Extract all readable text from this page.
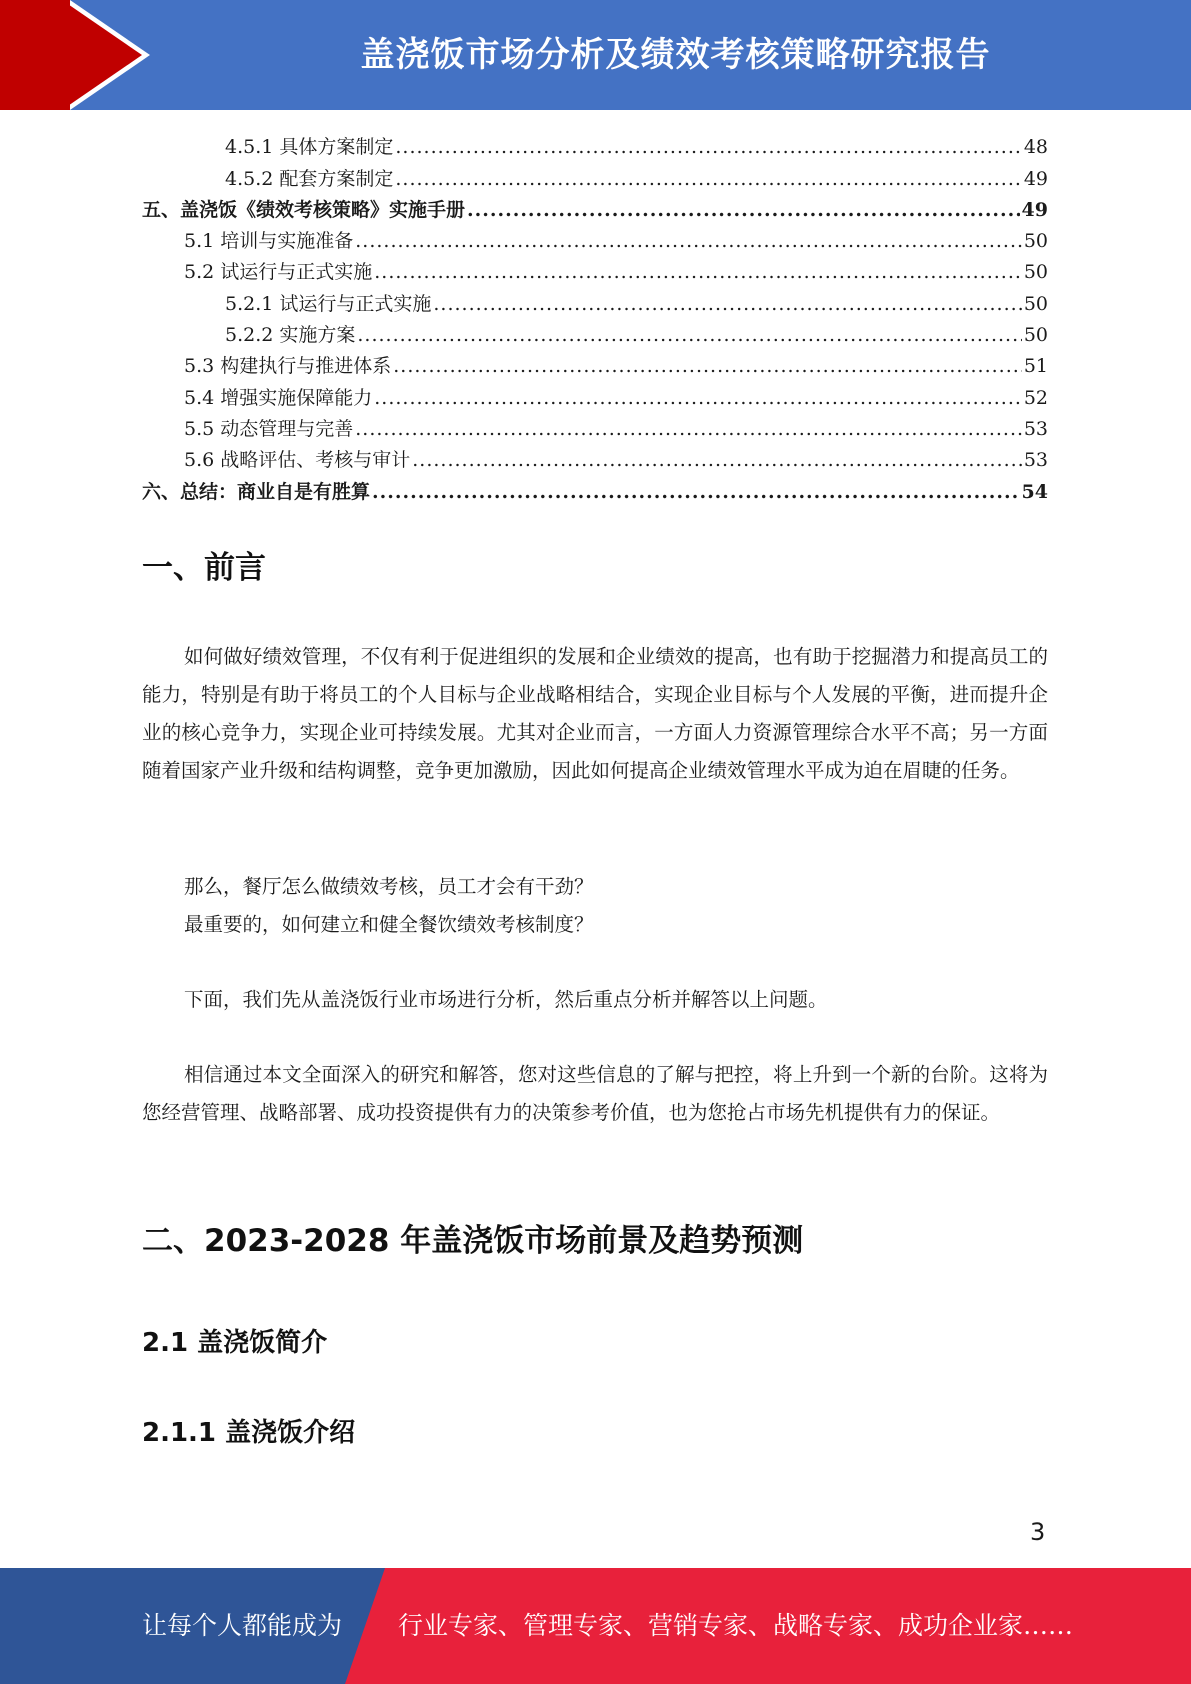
盖浇饭市场分析及绩效考核策略研究报告
4.5.1 具体方案制定 .....	48
4.5.2 配套方案制定 .....	49
五、盖浇饭《绩效考核策略》实施手册 .....	49
5.1 培训与实施准备 .....	50
5.2 试运行与正式实施 .....	50
5.2.1 试运行与正式实施 .....	50
5.2.2 实施方案 .....	50
5.3 构建执行与推进体系 .....	51
5.4 增强实施保障能力 .....	52
5.5 动态管理与完善 .....	53
5.6 战略评估、考核与审计 .....	53
六、总结：商业自是有胜算 .....	54
一、前言
如何做好绩效管理，不仅有利于促进组织的发展和企业绩效的提高，也有助于挖掘潜力和提高员工的能力，特别是有助于将员工的个人目标与企业战略相结合，实现企业目标与个人发展的平衡，进而提升企业的核心竞争力，实现企业可持续发展。尤其对企业而言，一方面人力资源管理综合水平不高；另一方面随着国家产业升级和结构调整，竞争更加激励，因此如何提高企业绩效管理水平成为迫在眉睫的任务。
那么，餐厅怎么做绩效考核，员工才会有干劲？
最重要的，如何建立和健全餐饮绩效考核制度？
下面，我们先从盖浇饭行业市场进行分析，然后重点分析并解答以上问题。
相信通过本文全面深入的研究和解答，您对这些信息的了解与把控，将上升到一个新的台阶。这将为您经营管理、战略部署、成功投资提供有力的决策参考价值，也为您抢占市场先机提供有力的保证。
二、2023-2028 年盖浇饭市场前景及趋势预测
2.1 盖浇饭简介
2.1.1 盖浇饭介绍
3
让每个人都能成为 行业专家、管理专家、营销专家、战略专家、成功企业家……
